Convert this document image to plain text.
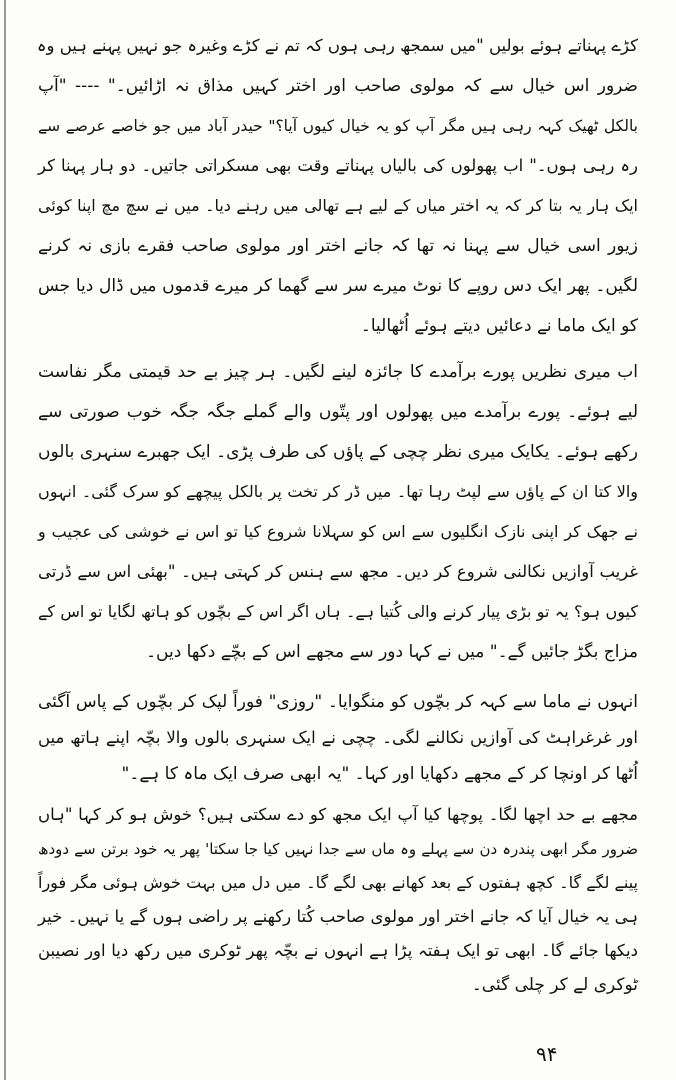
کڑے پہناتے ہوئے بولیں "میں سمجھ رہی ہوں کہ تم نے کڑے وغیرہ جو نہیں پہنے ہیں وہ
ضرور اس خیال سے کہ مولوی صاحب اور اختر کہیں مذاق نہ اڑائیں۔" ---- "آپ
بالکل ٹھیک کہہ رہی ہیں مگر آپ کو یہ خیال کیوں آیا؟" حیدر آباد میں جو خاصے عرصے سے
رہ رہی ہوں۔" اب پھولوں کی بالیاں پہناتے وقت بھی مسکراتی جاتیں۔ دو ہار پہنا کر
ایک ہار یہ بتا کر کہ یہ اختر میاں کے لیے ہے تھالی میں رہنے دیا۔ میں نے سچ مچ اپنا کوئی
زیور اسی خیال سے پہنا نہ تھا کہ جانے اختر اور مولوی صاحب فقرے بازی نہ کرنے
لگیں۔ پھر ایک دس روپے کا نوٹ میرے سر سے گھما کر میرے قدموں میں ڈال دیا جس
کو ایک ماما نے دعائیں دیتے ہوئے اُٹھالیا۔
اب میری نظریں پورے برآمدے کا جائزہ لینے لگیں۔ ہر چیز بے حد قیمتی مگر نفاست
لیے ہوئے۔ پورے برآمدے میں پھولوں اور پتّوں والے گملے جگہ جگہ خوب صورتی سے
رکھے ہوئے۔ یکایک میری نظر چچی کے پاؤں کی طرف پڑی۔ ایک جھبرے سنہری بالوں
والا کتا ان کے پاؤں سے لپٹ رہا تھا۔ میں ڈر کر تخت پر بالکل پیچھے کو سرک گئی۔ انہوں
نے جھک کر اپنی نازک انگلیوں سے اس کو سہلانا شروع کیا تو اس نے خوشی کی عجیب و
غریب آوازیں نکالنی شروع کر دیں۔ مجھ سے ہنس کر کہتی ہیں۔ "بھئی اس سے ڈرتی
کیوں ہو؟ یہ تو بڑی پیار کرنے والی کُتیا ہے۔ ہاں اگر اس کے بچّوں کو ہاتھ لگایا تو اس کے
مزاج بگڑ جائیں گے۔" میں نے کہا دور سے مجھے اس کے بچّے دکھا دیں۔
انہوں نے ماما سے کہہ کر بچّوں کو منگوایا۔ "روزی" فوراً لپک کر بچّوں کے پاس آگئی
اور غرغراہٹ کی آوازیں نکالنے لگی۔ چچی نے ایک سنہری بالوں والا بچّہ اپنے ہاتھ میں
اُٹھا کر اونچا کر کے مجھے دکھایا اور کہا۔ "یہ ابھی صرف ایک ماہ کا ہے۔"
مجھے بے حد اچھا لگا۔ پوچھا کیا آپ ایک مجھ کو دے سکتی ہیں؟ خوش ہو کر کہا "ہاں
ضرور مگر ابھی پندرہ دن سے پہلے وہ ماں سے جدا نہیں کیا جا سکتا' پھر یہ خود برتن سے دودھ
پینے لگے گا۔ کچھ ہفتوں کے بعد کھانے بھی لگے گا۔ میں دل میں بہت خوش ہوئی مگر فوراً
ہی یہ خیال آیا کہ جانے اختر اور مولوی صاحب کُتا رکھنے پر راضی ہوں گے یا نہیں۔ خیر
دیکھا جائے گا۔ ابھی تو ایک ہفتہ پڑا ہے انہوں نے بچّہ پھر ٹوکری میں رکھ دیا اور نصیبن
ٹوکری لے کر چلی گئی۔
۹۴
